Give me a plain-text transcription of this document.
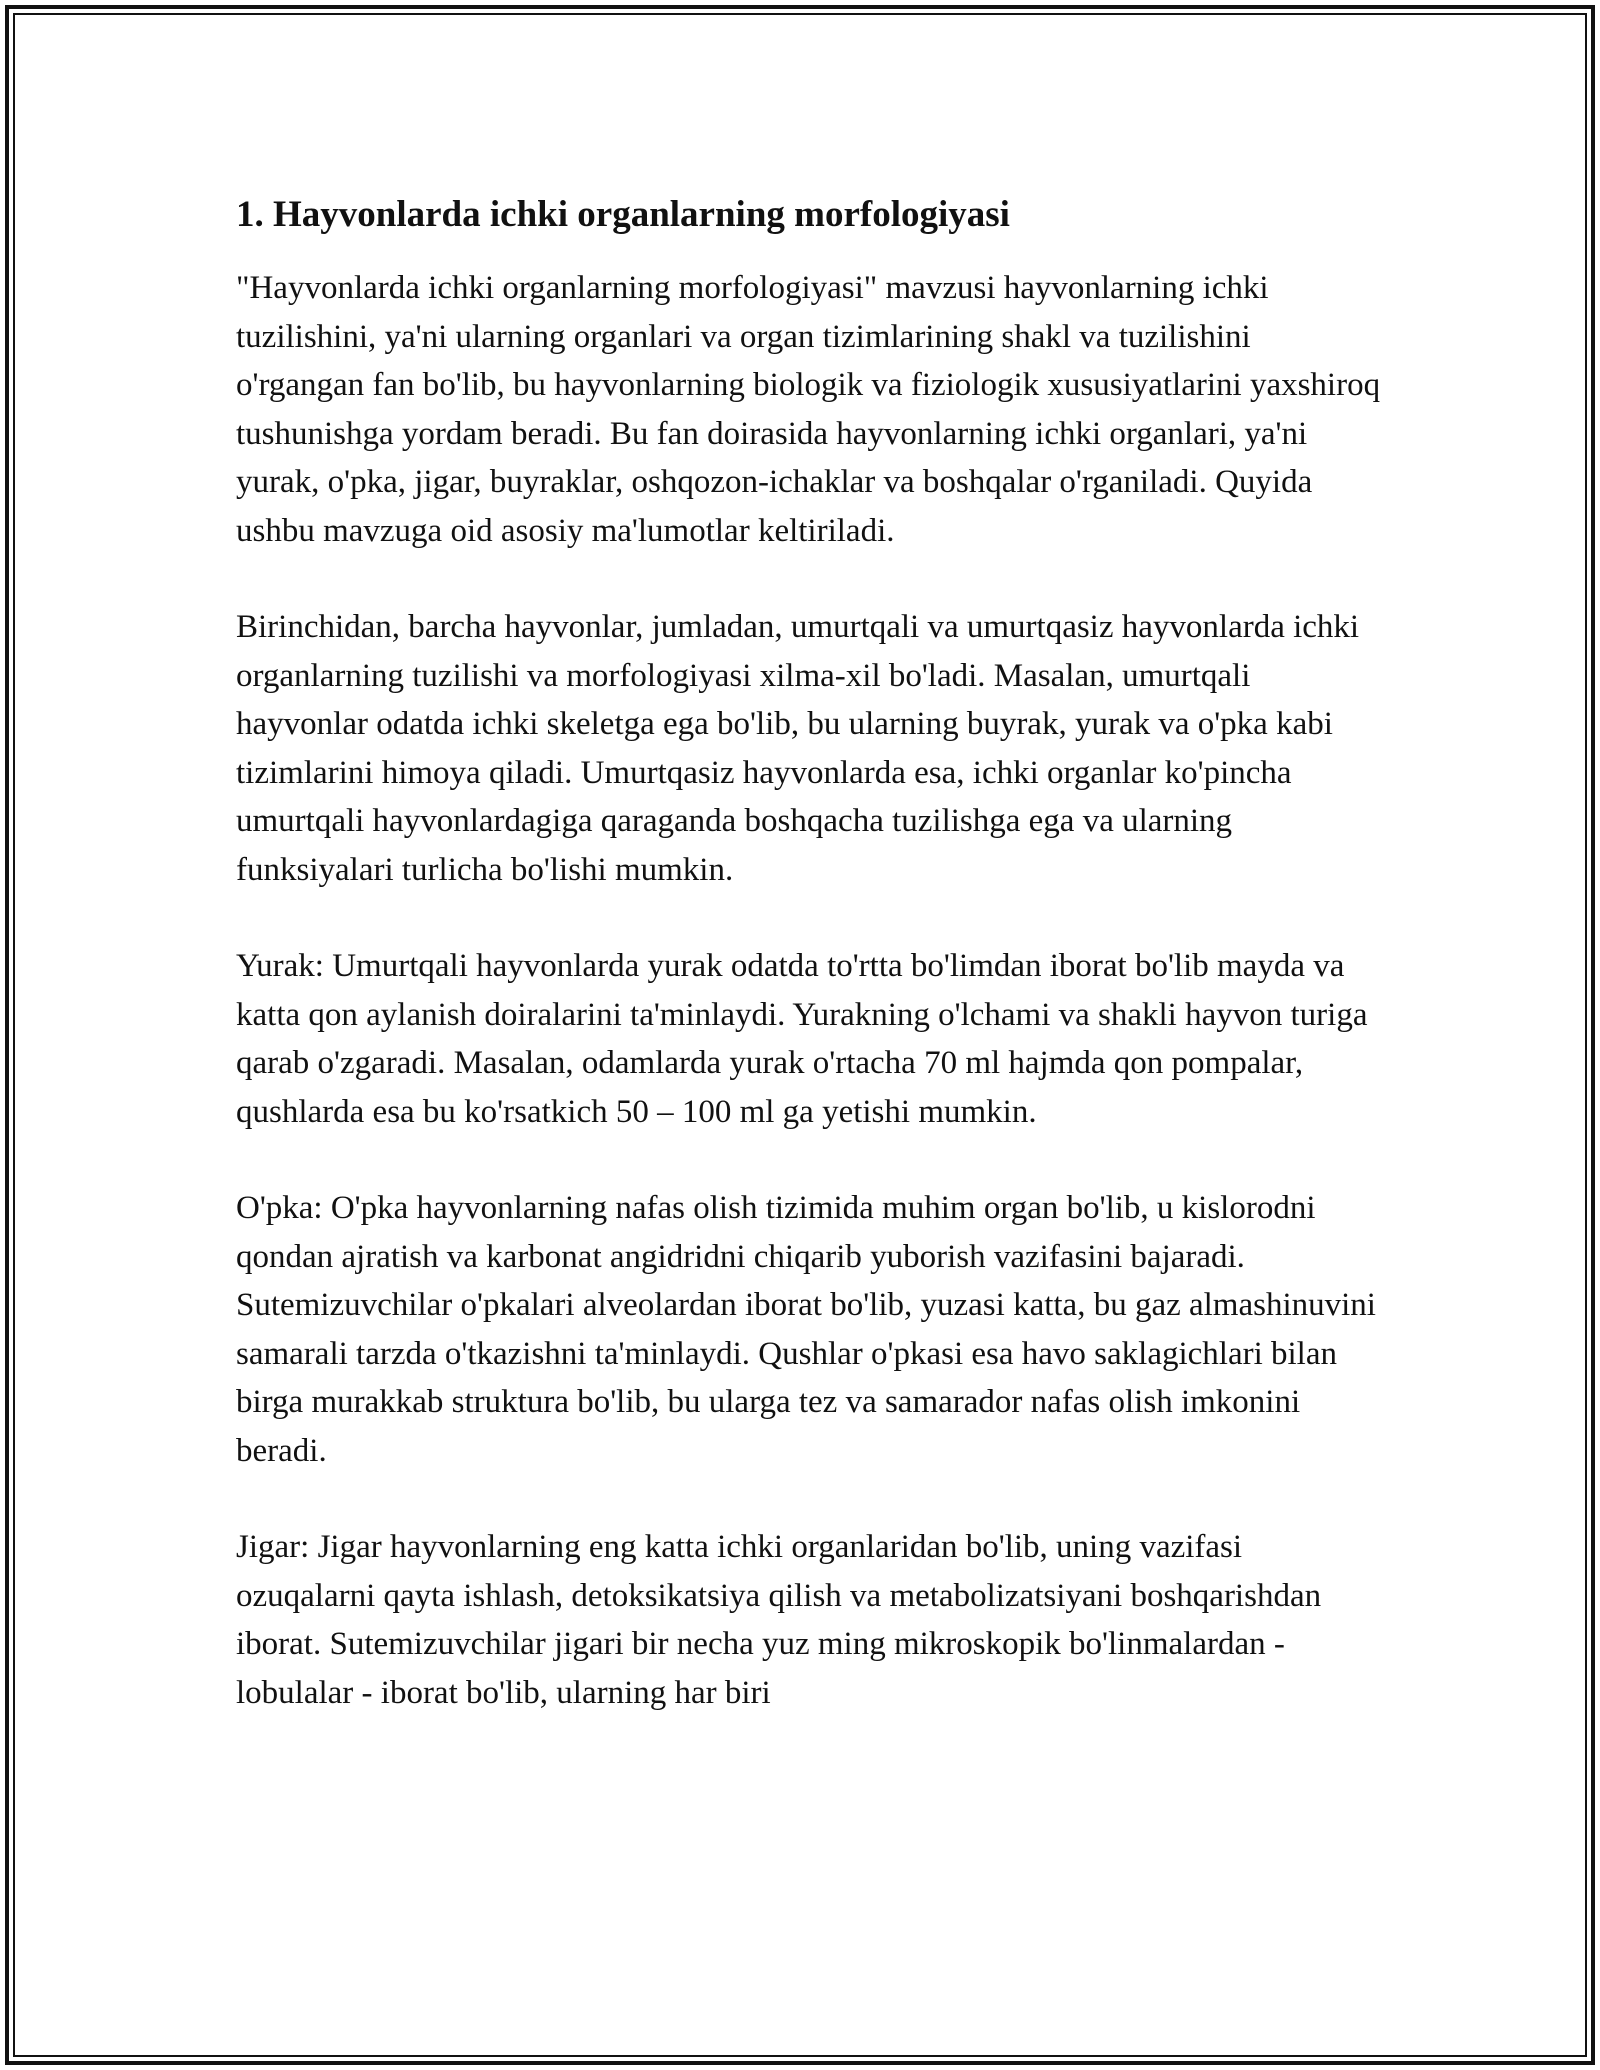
1. Hayvonlarda ichki organlarning morfologiyasi

"Hayvonlarda ichki organlarning morfologiyasi" mavzusi hayvonlarning ichki tuzilishini, ya'ni ularning organlari va organ tizimlarining shakl va tuzilishini o'rgangan fan bo'lib, bu hayvonlarning biologik va fiziologik xususiyatlarini yaxshiroq tushunishga yordam beradi. Bu fan doirasida hayvonlarning ichki organlari, ya'ni yurak, o'pka, jigar, buyraklar, oshqozon-ichaklar va boshqalar o'rganiladi. Quyida ushbu mavzuga oid asosiy ma'lumotlar keltiriladi.

Birinchidan, barcha hayvonlar, jumladan, umurtqali va umurtqasiz hayvonlarda ichki organlarning tuzilishi va morfologiyasi xilma-xil bo'ladi. Masalan, umurtqali hayvonlar odatda ichki skeletga ega bo'lib, bu ularning buyrak, yurak va o'pka kabi tizimlarini himoya qiladi. Umurtqasiz hayvonlarda esa, ichki organlar ko'pincha umurtqali hayvonlardagiga qaraganda boshqacha tuzilishga ega va ularning funksiyalari turlicha bo'lishi mumkin.

Yurak: Umurtqali hayvonlarda yurak odatda to'rtta bo'limdan iborat bo'lib mayda va katta qon aylanish doiralarini ta'minlaydi. Yurakning o'lchami va shakli hayvon turiga qarab o'zgaradi. Masalan, odamlarda yurak o'rtacha 70 ml hajmda qon pompalar, qushlarda esa bu ko'rsatkich 50 – 100 ml ga yetishi mumkin.

O'pka: O'pka hayvonlarning nafas olish tizimida muhim organ bo'lib, u kislorodni qondan ajratish va karbonat angidridni chiqarib yuborish vazifasini bajaradi. Sutemizuvchilar o'pkalari alveolardan iborat bo'lib, yuzasi katta, bu gaz almashinuvini samarali tarzda o'tkazishni ta'minlaydi. Qushlar o'pkasi esa havo saklagichlari bilan birga murakkab struktura bo'lib, bu ularga tez va samarador nafas olish imkonini beradi.

Jigar: Jigar hayvonlarning eng katta ichki organlaridan bo'lib, uning vazifasi ozuqalarni qayta ishlash, detoksikatsiya qilish va metabolizatsiyani boshqarishdan iborat. Sutemizuvchilar jigari bir necha yuz ming mikroskopik bo'linmalardan - lobulalar - iborat bo'lib, ularning har biri
